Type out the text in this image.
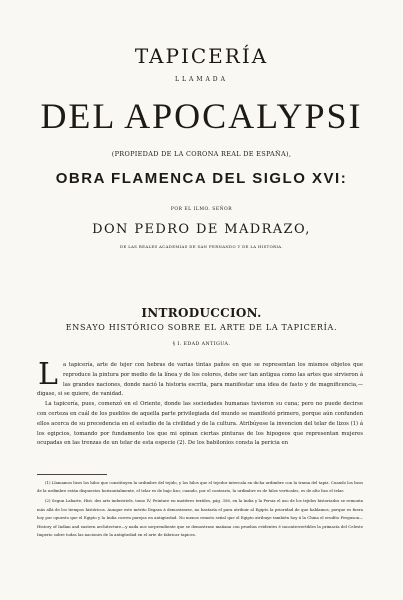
TAPICERÍA
LLAMADA
DEL APOCALYPSI
(PROPIEDAD DE LA CORONA REAL DE ESPAÑA),
OBRA FLAMENCA DEL SIGLO XVI:
POR EL ILMO. SEÑOR
DON PEDRO DE MADRAZO,
DE LAS REALES ACADEMIAS DE SAN FERNANDO Y DE LA HISTORIA.
INTRODUCCION.
ENSAYO HISTÓRICO SOBRE EL ARTE DE LA TAPICERÍA.
§ I. EDAD ANTIGUA.

La tapicería, arte de tejer con hebras de varias tintas paños en que se representan los mismos objetos que reproduce la pintura por medio de la línea y de los colores, debe ser tan antigua como las artes que sirvieron á las grandes naciones, donde nació la historia escrita, para manifestar una idea de fasto y de magnificencia,— digase, si se quiere, de vanidad.

La tapicería, pues, comenzó en el Oriente, donde las sociedades humanas tuvieron su cuna; pero no puede decirse con certeza en cuál de los pueblos de aquella parte privilegiada del mundo se manifestó primero, porque aún confunden ellos acerca de su precedencia en el estudio de la civilidad y de la cultura. Atribúyese la invencion del telar de lizos (1) á los egipcios, tomando por fundamento los que mi opinan ciertas pinturas de los hipogeos que representan mujeres ocupadas en las trenzas de un telar de esta especie (2). De los babilonios consta la pericia en

(1) Llamamos lizos los hilos que constituyen la urdimbre del tejido, y los hilos que el tejedor intercala en dicha urdimbre con la trama del tapiz. Cuando los lizos de la urdimbre están dispuestos horizontalmente, el telar es de bajo lizo; cuando, por el contrario, la urdimbre es de hilos verticales, es de alto lizo el telar.

(2) Segun Labarte, Hist. des arts industriels, tomo IV, Peinture en matières textiles, pág. 356, en la India y la Persia el uso de los tejidos historiados se remonta más allá de los tiempos históricos. Aunque este mérito llegara á demostrarse, no bastaría el para atribuir al Egipto la prioridad de que hablamos, porque es fuera hoy por opuesto que el Egipto y la India corren parejas en antigüedad. No menos remoto señal que el Egipto atribuye también hoy á la China el erudito Ferguson— History of Indian and eastern architecture—y nada nos sorprendiente que se demostrase mañana con pruebas evidentes é incontrovertibles la primacía del Celeste Imperio sobre todas las naciones de la antigüedad en el arte de fabricar tapices.
